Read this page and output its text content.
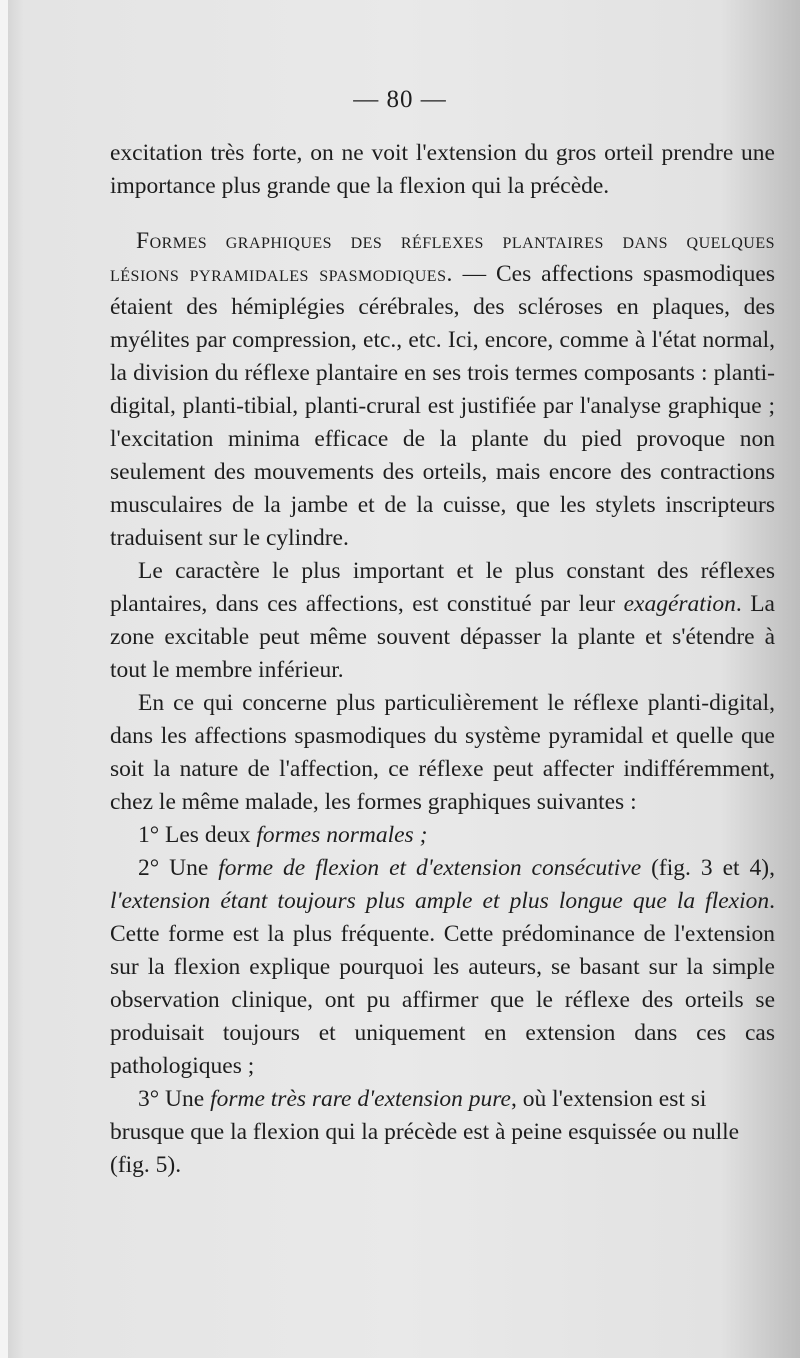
— 80 —

excitation très forte, on ne voit l'extension du gros orteil prendre une importance plus grande que la flexion qui la précède.

Formes graphiques des réflexes plantaires dans quelques lésions pyramidales spasmodiques. — Ces affections spasmodiques étaient des hémiplégies cérébrales, des scléroses en plaques, des myélites par compression, etc., etc. Ici, encore, comme à l'état normal, la division du réflexe plantaire en ses trois termes composants : planti-digital, planti-tibial, planti-crural est justifiée par l'analyse graphique ; l'excitation minima efficace de la plante du pied provoque non seulement des mouvements des orteils, mais encore des contractions musculaires de la jambe et de la cuisse, que les stylets inscripteurs traduisent sur le cylindre.

Le caractère le plus important et le plus constant des réflexes plantaires, dans ces affections, est constitué par leur exagération. La zone excitable peut même souvent dépasser la plante et s'étendre à tout le membre inférieur.

En ce qui concerne plus particulièrement le réflexe planti-digital, dans les affections spasmodiques du système pyramidal et quelle que soit la nature de l'affection, ce réflexe peut affecter indifféremment, chez le même malade, les formes graphiques suivantes :

1° Les deux formes normales ;

2° Une forme de flexion et d'extension consécutive (fig. 3 et 4), l'extension étant toujours plus ample et plus longue que la flexion. Cette forme est la plus fréquente. Cette prédominance de l'extension sur la flexion explique pourquoi les auteurs, se basant sur la simple observation clinique, ont pu affirmer que le réflexe des orteils se produisait toujours et uniquement en extension dans ces cas pathologiques ;

3° Une forme très rare d'extension pure, où l'extension est si brusque que la flexion qui la précède est à peine esquissée ou nulle (fig. 5).
